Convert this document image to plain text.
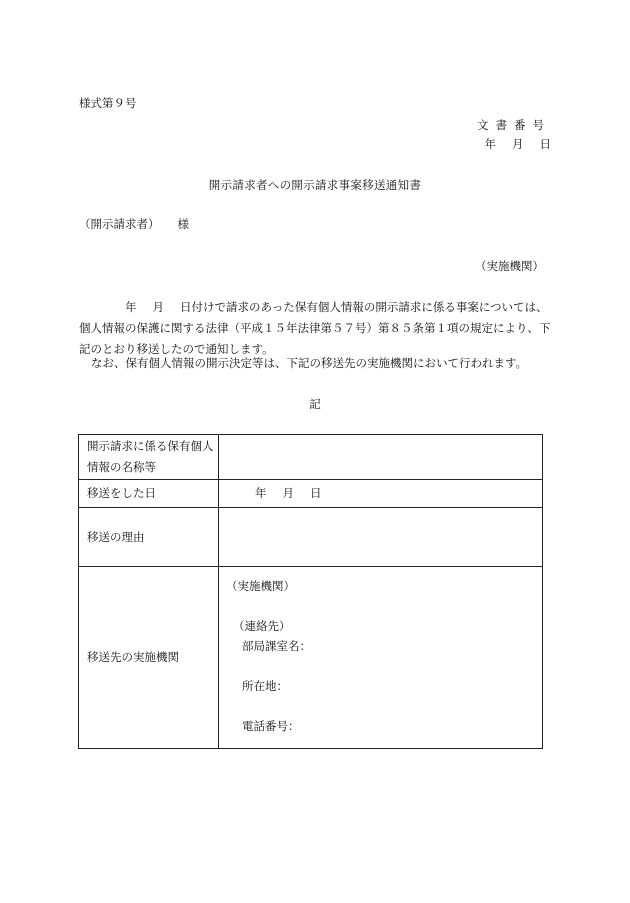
様式第９号
文書番号
年 月 日
開示請求者への開示請求事案移送通知書
（開示請求者） 様
（実施機関）
年 月 日付けで請求のあった保有個人情報の開示請求に係る事案については、個人情報の保護に関する法律（平成１５年法律第５７号）第８５条第１項の規定により、下記のとおり移送したので通知します。
なお、保有個人情報の開示決定等は、下記の移送先の実施機関において行われます。
記
開示請求に係る保有個人情報の名称等	
移送をした日	年 月 日
移送の理由	
移送先の実施機関	（実施機関）
（連絡先）
部局課室名：
所在地：
電話番号：
